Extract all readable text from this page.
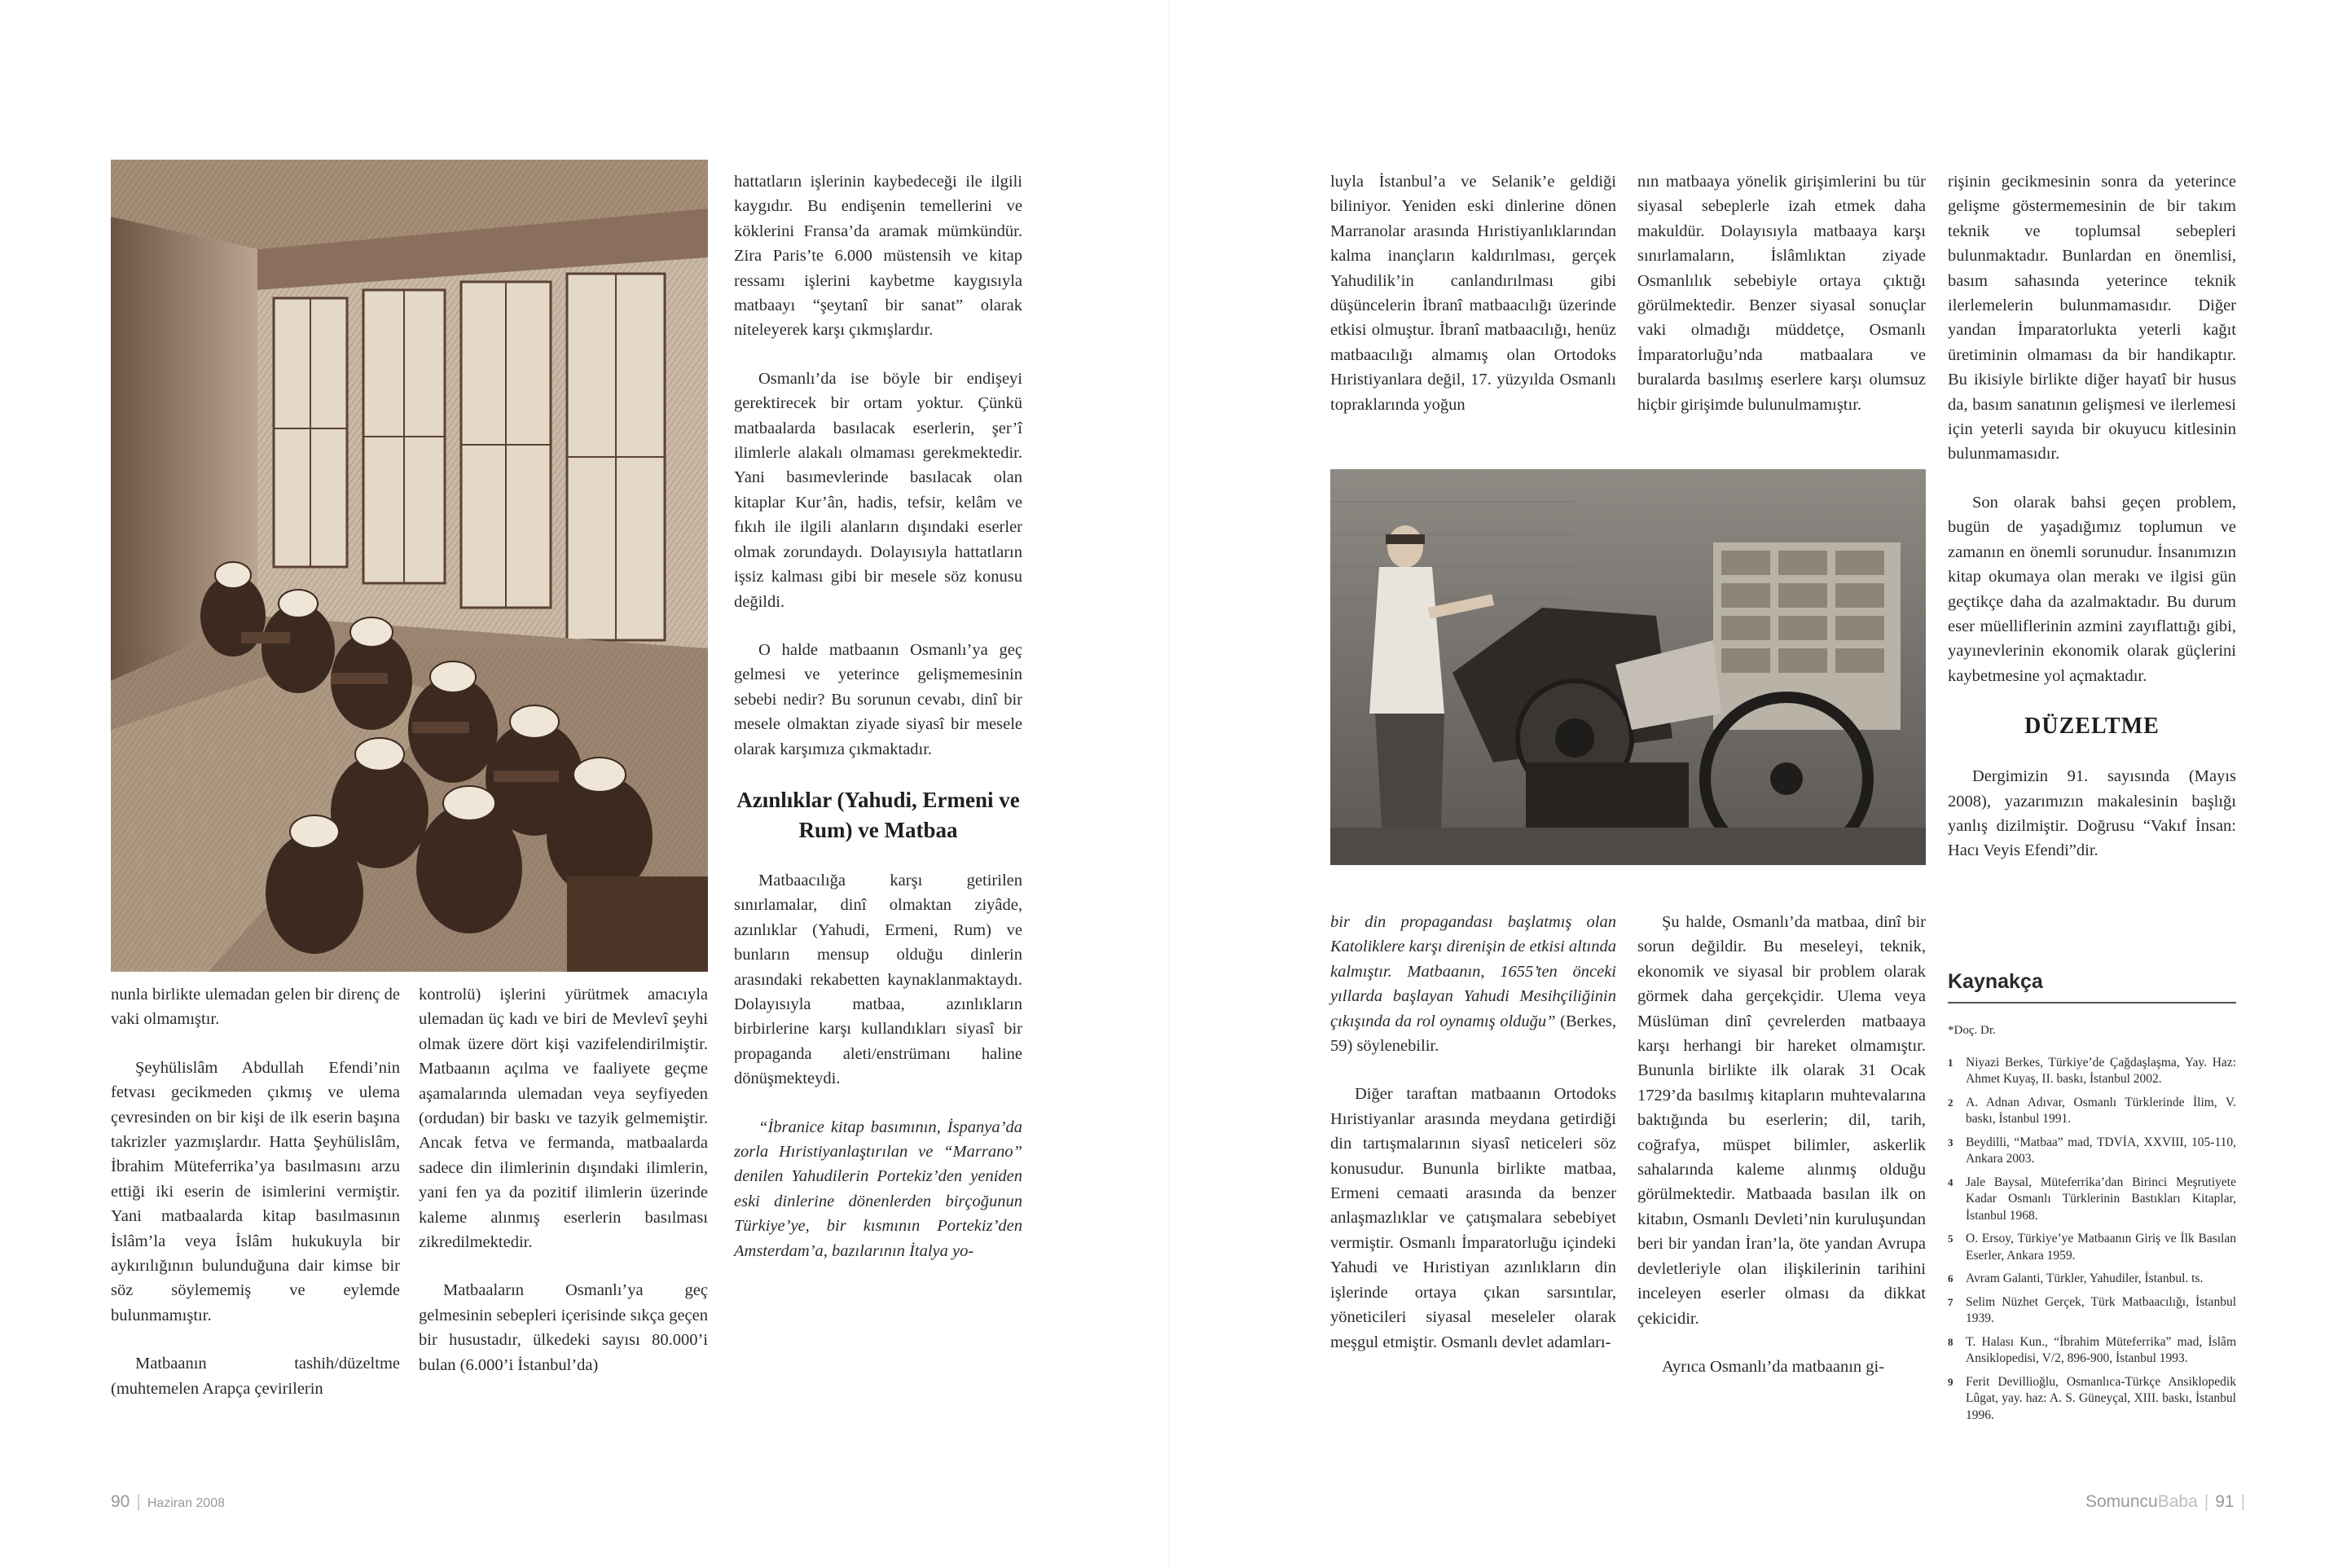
hattatların işlerinin kaybedeceği ile ilgili kaygıdır. Bu endişenin temellerini ve köklerini Fransa’da aramak mümkündür. Zira Paris’te 6.000 müstensih ve kitap ressamı işlerini kaybetme kaygısıyla matbaayı “şeytanî bir sanat” olarak niteleyerek karşı çıkmışlardır.

Osmanlı’da ise böyle bir endişeyi gerektirecek bir ortam yoktur. Çünkü matbaalarda basılacak eserlerin, şer’î ilimlerle alakalı olmaması gerekmektedir. Yani basımevlerinde basılacak olan kitaplar Kur’ân, hadis, tefsir, kelâm ve fıkıh ile ilgili alanların dışındaki eserler olmak zorundaydı. Dolayısıyla hattatların işsiz kalması gibi bir mesele söz konusu değildi.

O halde matbaanın Osmanlı’ya geç gelmesi ve yeterince gelişmemesinin sebebi nedir? Bu sorunun cevabı, dinî bir mesele olmaktan ziyade siyasî bir mesele olarak karşımıza çıkmaktadır.

Azınlıklar (Yahudi, Ermeni ve Rum) ve Matbaa

Matbaacılığa karşı getirilen sınırlamalar, dinî olmaktan ziyâde, azınlıklar (Yahudi, Ermeni, Rum) ve bunların mensup olduğu dinlerin arasındaki rekabetten kaynaklanmaktaydı. Dolayısıyla matbaa, azınlıkların birbirlerine karşı kullandıkları siyasî bir propaganda aleti/enstrümanı haline dönüşmekteydi.

“İbranice kitap basımının, İspanya’da zorla Hıristiyanlaştırılan ve “Marrano” denilen Yahudilerin Portekiz’den yeniden eski dinlerine dönenlerden birçoğunun Türkiye’ye, bir kısmının Portekiz’den Amsterdam’a, bazılarının İtalya yo-

nunla birlikte ulemadan gelen bir direnç de vaki olmamıştır.

Şeyhülislâm Abdullah Efendi’nin fetvası gecikmeden çıkmış ve ulema çevresinden on bir kişi de ilk eserin başına takrizler yazmışlardır. Hatta Şeyhülislâm, İbrahim Müteferrika’ya basılmasını arzu ettiği iki eserin de isimlerini vermiştir. Yani matbaalarda kitap basılmasının İslâm’la veya İslâm hukukuyla bir aykırılığının bulunduğuna dair kimse bir söz söylememiş ve eylemde bulunmamıştır.

Matbaanın tashih/düzeltme (muhtemelen Arapça çevirilerin

kontrolü) işlerini yürütmek amacıyla ulemadan üç kadı ve biri de Mevlevî şeyhi olmak üzere dört kişi vazifelendirilmiştir. Matbaanın açılma ve faaliyete geçme aşamalarında ulemadan veya seyfiyeden (ordudan) bir baskı ve tazyik gelmemiştir. Ancak fetva ve fermanda, matbaalarda sadece din ilimlerinin dışındaki ilimlerin, yani fen ya da pozitif ilimlerin üzerinde kaleme alınmış eserlerin basılması zikredilmektedir.

Matbaaların Osmanlı’ya geç gelmesinin sebepleri içerisinde sıkça geçen bir husustadır, ülkedeki sayısı 80.000’i bulan (6.000’i İstanbul’da)

90 | Haziran 2008

luyla İstanbul’a ve Selanik’e geldiği biliniyor. Yeniden eski dinlerine dönen Marranolar arasında Hıristiyanlıklarından kalma inançların kaldırılması, gerçek Yahudilik’in canlandırılması gibi düşüncelerin İbranî matbaacılığı üzerinde etkisi olmuştur. İbranî matbaacılığı, henüz matbaacılığı almamış olan Ortodoks Hıristiyanlara değil, 17. yüzyılda Osmanlı topraklarında yoğun

nın matbaaya yönelik girişimlerini bu tür siyasal sebeplerle izah etmek daha makuldür. Dolayısıyla matbaaya karşı sınırlamaların, İslâmlıktan ziyade Osmanlılık sebebiyle ortaya çıktığı görülmektedir. Benzer siyasal sonuçlar vaki olmadığı müddetçe, Osmanlı İmparatorluğu’nda matbaalara ve buralarda basılmış eserlere karşı olumsuz hiçbir girişimde bulunulmamıştır.

bir din propagandası başlatmış olan Katoliklere karşı direnişin de etkisi altında kalmıştır. Matbaanın, 1655’ten önceki yıllarda başlayan Yahudi Mesihçiliğinin çıkışında da rol oynamış olduğu” (Berkes, 59) söylenebilir.

Diğer taraftan matbaanın Ortodoks Hıristiyanlar arasında meydana getirdiği din tartışmalarının siyasî neticeleri söz konusudur. Bununla birlikte matbaa, Ermeni cemaati arasında da benzer anlaşmazlıklar ve çatışmalara sebebiyet vermiştir. Osmanlı İmparatorluğu içindeki Yahudi ve Hıristiyan azınlıkların din işlerinde ortaya çıkan sarsıntılar, yöneticileri siyasal meseleler olarak meşgul etmiştir. Osmanlı devlet adamları-

Şu halde, Osmanlı’da matbaa, dinî bir sorun değildir. Bu meseleyi, teknik, ekonomik ve siyasal bir problem olarak görmek daha gerçekçidir. Ulema veya Müslüman dinî çevrelerden matbaaya karşı herhangi bir hareket olmamıştır. Bununla birlikte ilk olarak 31 Ocak 1729’da basılmış kitapların muhtevalarına baktığında bu eserlerin; dil, tarih, coğrafya, müspet bilimler, askerlik sahalarında kaleme alınmış olduğu görülmektedir. Matbaada basılan ilk on kitabın, Osmanlı Devleti’nin kuruluşundan beri bir yandan İran’la, öte yandan Avrupa devletleriyle olan ilişkilerinin tarihini inceleyen eserler olması da dikkat çekicidir.

Ayrıca Osmanlı’da matbaanın gi-

rişinin gecikmesinin sonra da yeterince gelişme göstermemesinin de bir takım teknik ve toplumsal sebepleri bulunmaktadır. Bunlardan en önemlisi, basım sahasında yeterince teknik ilerlemelerin bulunmamasıdır. Diğer yandan İmparatorlukta yeterli kağıt üretiminin olmaması da bir handikaptır. Bu ikisiyle birlikte diğer hayatî bir husus da, basım sanatının gelişmesi ve ilerlemesi için yeterli sayıda bir okuyucu kitlesinin bulunmamasıdır.

Son olarak bahsi geçen problem, bugün de yaşadığımız toplumun ve zamanın en önemli sorunudur. İnsanımızın kitap okumaya olan merakı ve ilgisi gün geçtikçe daha da azalmaktadır. Bu durum eser müelliflerinin azmini zayıflattığı gibi, yayınevlerinin ekonomik olarak güçlerini kaybetmesine yol açmaktadır.

DÜZELTME

Dergimizin 91. sayısında (Mayıs 2008), yazarımızın makalesinin başlığı yanlış dizilmiştir. Doğrusu “Vakıf İnsan: Hacı Veyis Efendi”dir.

Kaynakça
*Doç. Dr.
1	Niyazi Berkes, Türkiye’de Çağdaşlaşma, Yay. Haz: Ahmet Kuyaş, II. baskı, İstanbul 2002.
2	A. Adnan Adıvar, Osmanlı Türklerinde İlim, V. baskı, İstanbul 1991.
3	Beydilli, “Matbaa” mad, TDVİA, XXVIII, 105-110, Ankara 2003.
4	Jale Baysal, Müteferrika’dan Birinci Meşrutiyete Kadar Osmanlı Türklerinin Bastıkları Kitaplar, İstanbul 1968.
5	O. Ersoy, Türkiye’ye Matbaanın Giriş ve İlk Basılan Eserler, Ankara 1959.
6	Avram Galanti, Türkler, Yahudiler, İstanbul. ts.
7	Selim Nüzhet Gerçek, Türk Matbaacılığı, İstanbul 1939.
8	T. Halası Kun., “İbrahim Müteferrika” mad, İslâm Ansiklopedisi, V/2, 896-900, İstanbul 1993.
9	Ferit Devillioğlu, Osmanlıca-Türkçe Ansiklopedik Lûgat, yay. haz: A. S. Güneyçal, XIII. baskı, İstanbul 1996.
SomuncuBaba | 91 |
